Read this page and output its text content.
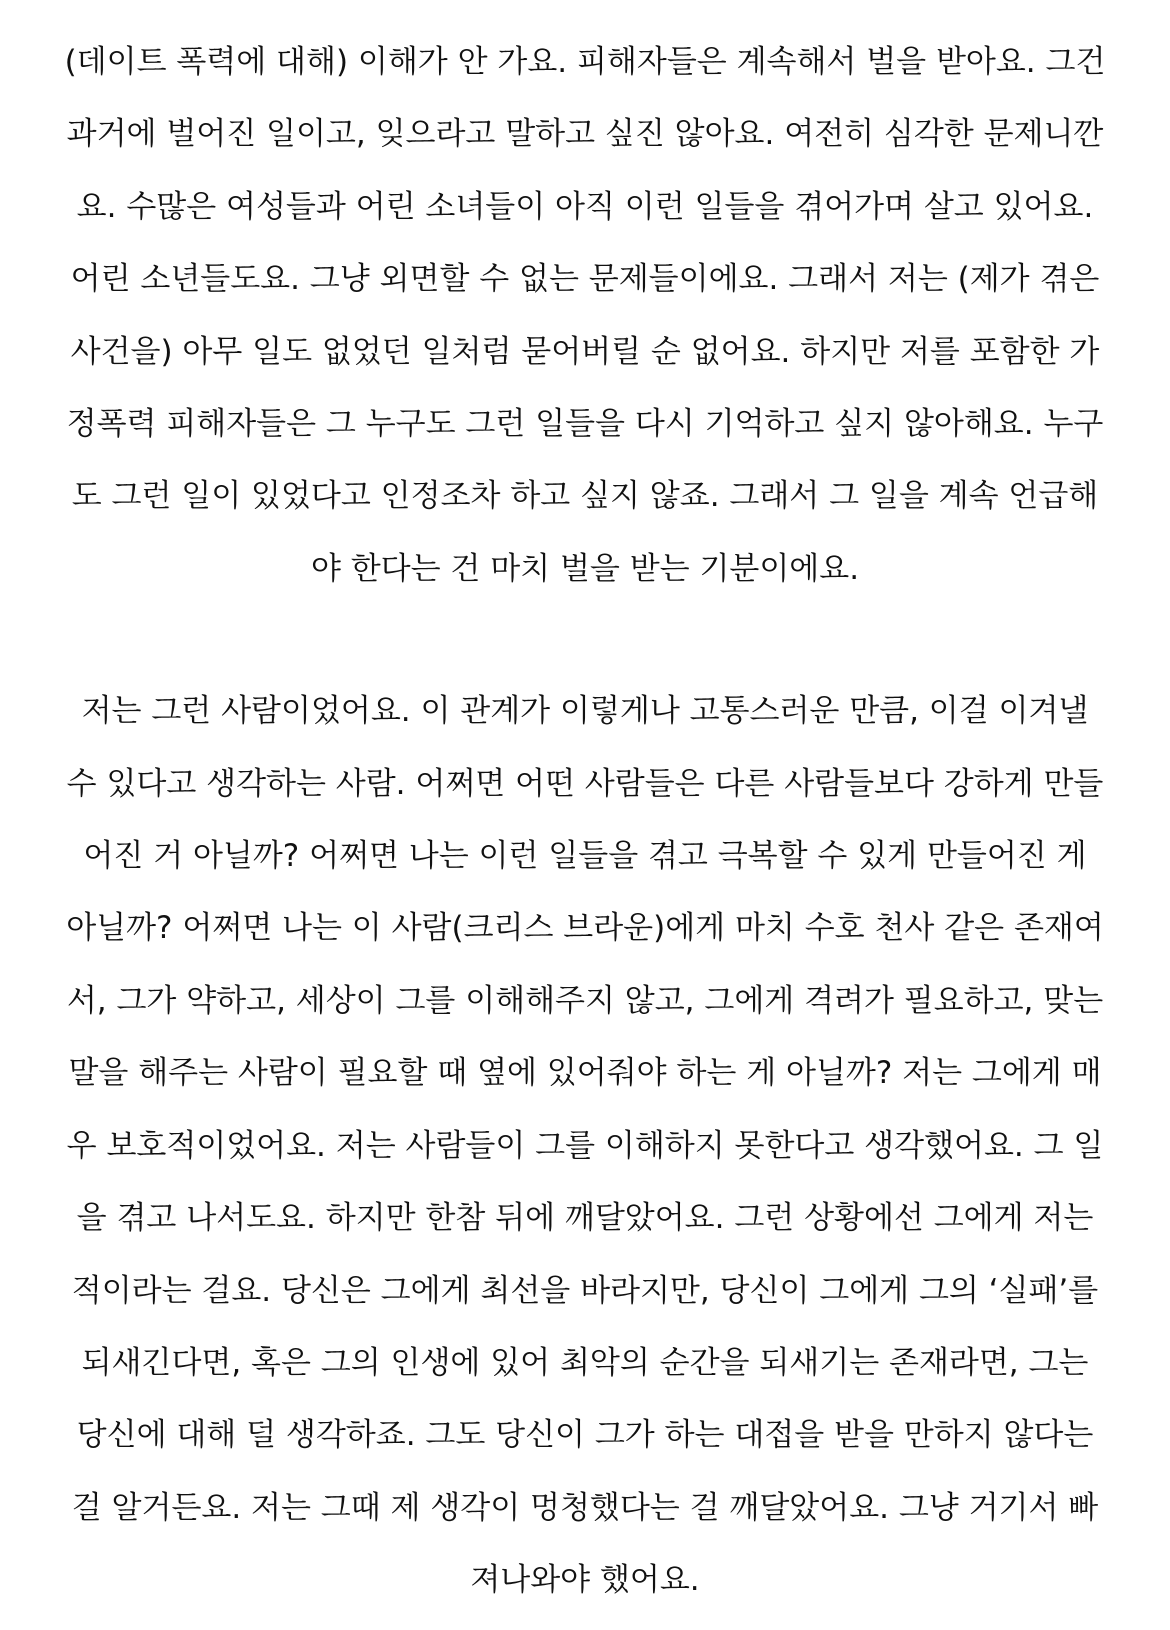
(데이트 폭력에 대해) 이해가 안 가요. 피해자들은 계속해서 벌을 받아요. 그건
과거에 벌어진 일이고, 잊으라고 말하고 싶진 않아요. 여전히 심각한 문제니깐
요. 수많은 여성들과 어린 소녀들이 아직 이런 일들을 겪어가며 살고 있어요.
어린 소년들도요. 그냥 외면할 수 없는 문제들이에요. 그래서 저는 (제가 겪은
사건을) 아무 일도 없었던 일처럼 묻어버릴 순 없어요. 하지만 저를 포함한 가
정폭력 피해자들은 그 누구도 그런 일들을 다시 기억하고 싶지 않아해요. 누구
도 그런 일이 있었다고 인정조차 하고 싶지 않죠. 그래서 그 일을 계속 언급해
야 한다는 건 마치 벌을 받는 기분이에요.
저는 그런 사람이었어요. 이 관계가 이렇게나 고통스러운 만큼, 이걸 이겨낼
수 있다고 생각하는 사람. 어쩌면 어떤 사람들은 다른 사람들보다 강하게 만들
어진 거 아닐까? 어쩌면 나는 이런 일들을 겪고 극복할 수 있게 만들어진 게
아닐까? 어쩌면 나는 이 사람(크리스 브라운)에게 마치 수호 천사 같은 존재여
서, 그가 약하고, 세상이 그를 이해해주지 않고, 그에게 격려가 필요하고, 맞는
말을 해주는 사람이 필요할 때 옆에 있어줘야 하는 게 아닐까? 저는 그에게 매
우 보호적이었어요. 저는 사람들이 그를 이해하지 못한다고 생각했어요. 그 일
을 겪고 나서도요. 하지만 한참 뒤에 깨달았어요. 그런 상황에선 그에게 저는
적이라는 걸요. 당신은 그에게 최선을 바라지만, 당신이 그에게 그의 ‘실패’를
되새긴다면, 혹은 그의 인생에 있어 최악의 순간을 되새기는 존재라면, 그는
당신에 대해 덜 생각하죠. 그도 당신이 그가 하는 대접을 받을 만하지 않다는
걸 알거든요. 저는 그때 제 생각이 멍청했다는 걸 깨달았어요. 그냥 거기서 빠
져나와야 했어요.
